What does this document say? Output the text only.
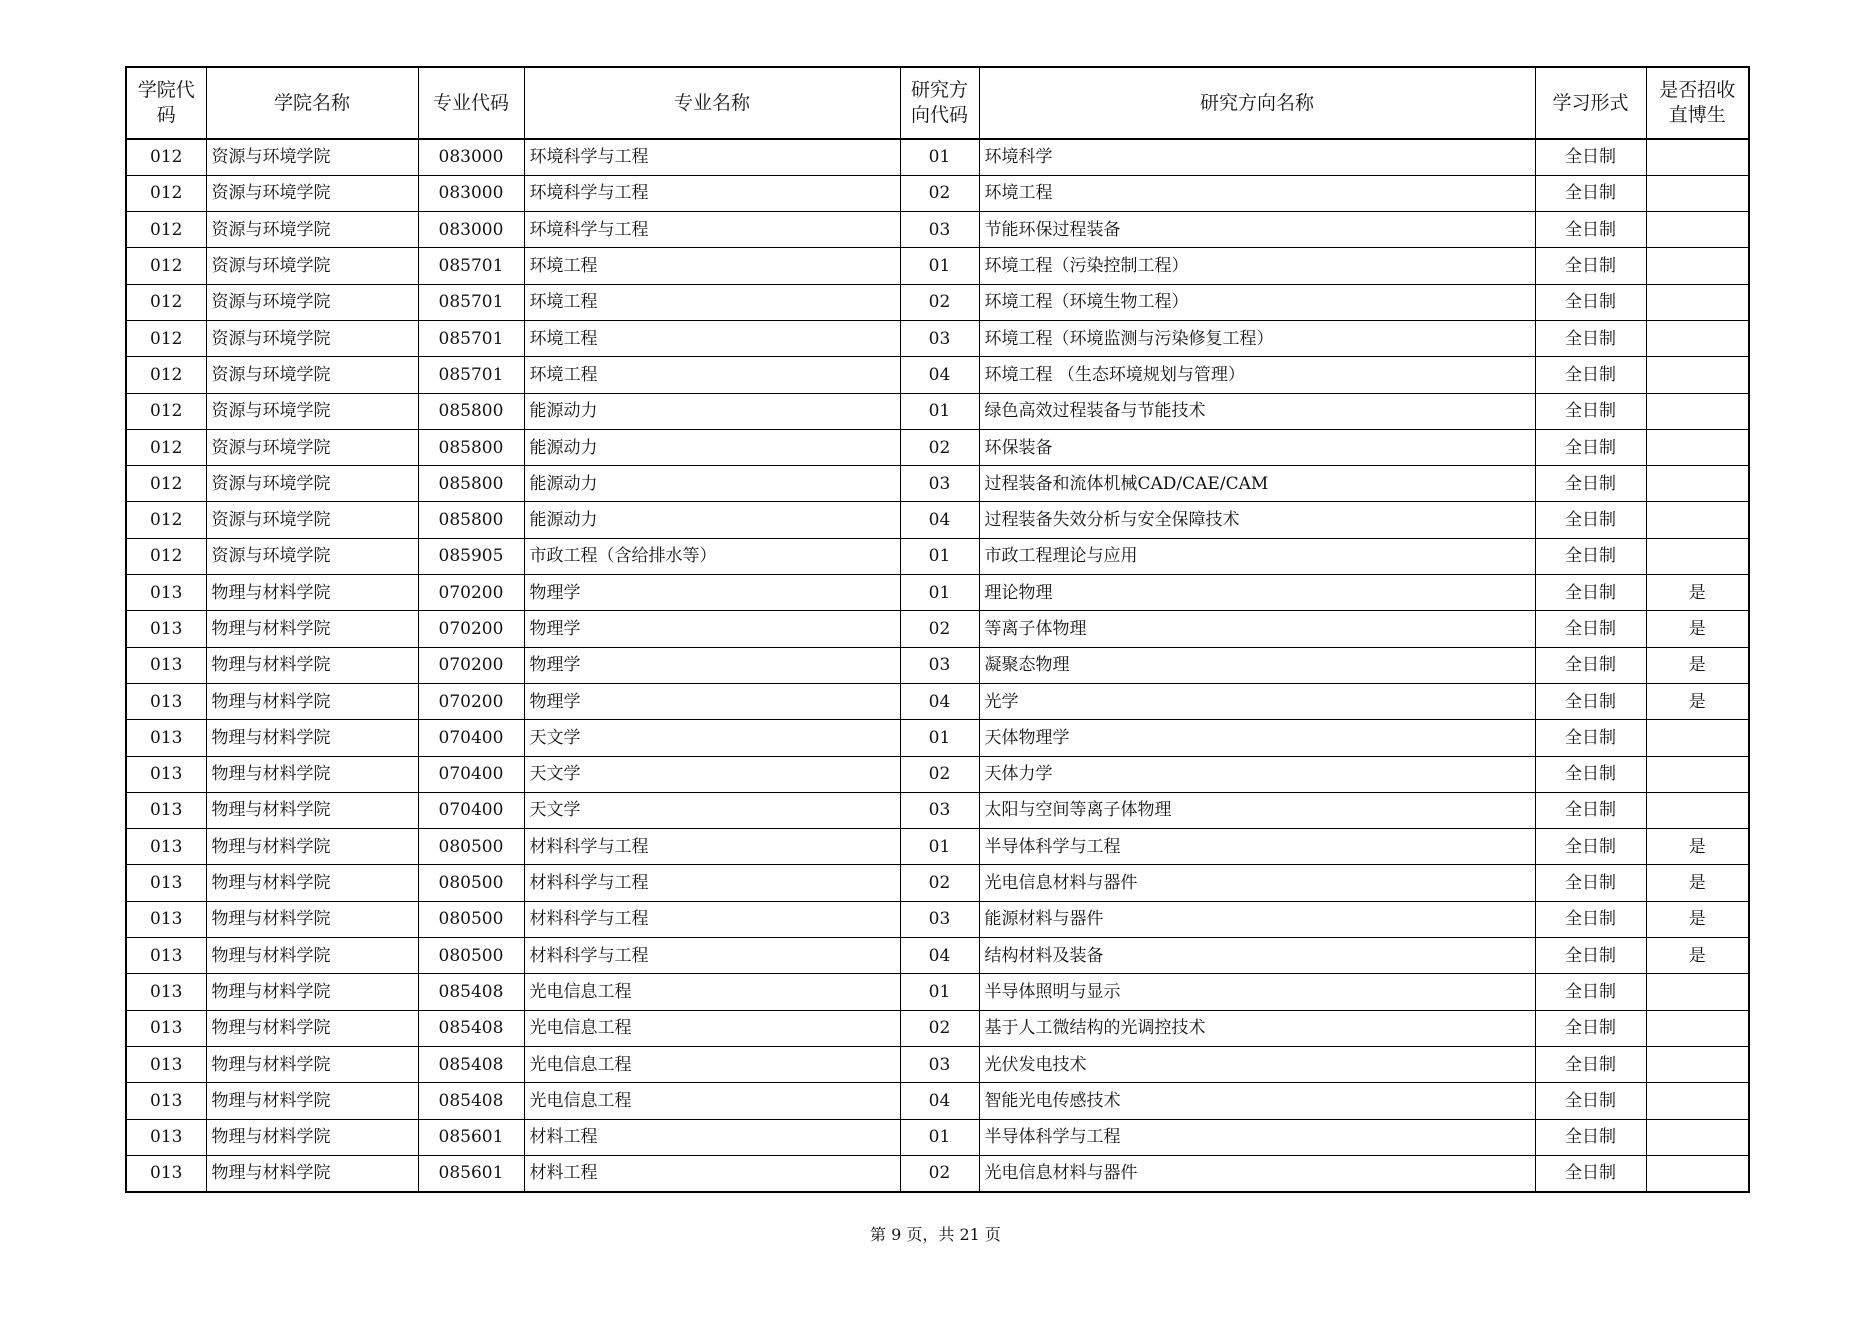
学院代码	学院名称	专业代码	专业名称	研究方向代码	研究方向名称	学习形式	是否招收直博生
012	资源与环境学院	083000	环境科学与工程	01	环境科学	全日制	
012	资源与环境学院	083000	环境科学与工程	02	环境工程	全日制	
012	资源与环境学院	083000	环境科学与工程	03	节能环保过程装备	全日制	
012	资源与环境学院	085701	环境工程	01	环境工程（污染控制工程）	全日制	
012	资源与环境学院	085701	环境工程	02	环境工程（环境生物工程）	全日制	
012	资源与环境学院	085701	环境工程	03	环境工程（环境监测与污染修复工程）	全日制	
012	资源与环境学院	085701	环境工程	04	环境工程 （生态环境规划与管理）	全日制	
012	资源与环境学院	085800	能源动力	01	绿色高效过程装备与节能技术	全日制	
012	资源与环境学院	085800	能源动力	02	环保装备	全日制	
012	资源与环境学院	085800	能源动力	03	过程装备和流体机械CAD/CAE/CAM	全日制	
012	资源与环境学院	085800	能源动力	04	过程装备失效分析与安全保障技术	全日制	
012	资源与环境学院	085905	市政工程（含给排水等）	01	市政工程理论与应用	全日制	
013	物理与材料学院	070200	物理学	01	理论物理	全日制	是
013	物理与材料学院	070200	物理学	02	等离子体物理	全日制	是
013	物理与材料学院	070200	物理学	03	凝聚态物理	全日制	是
013	物理与材料学院	070200	物理学	04	光学	全日制	是
013	物理与材料学院	070400	天文学	01	天体物理学	全日制	
013	物理与材料学院	070400	天文学	02	天体力学	全日制	
013	物理与材料学院	070400	天文学	03	太阳与空间等离子体物理	全日制	
013	物理与材料学院	080500	材料科学与工程	01	半导体科学与工程	全日制	是
013	物理与材料学院	080500	材料科学与工程	02	光电信息材料与器件	全日制	是
013	物理与材料学院	080500	材料科学与工程	03	能源材料与器件	全日制	是
013	物理与材料学院	080500	材料科学与工程	04	结构材料及装备	全日制	是
013	物理与材料学院	085408	光电信息工程	01	半导体照明与显示	全日制	
013	物理与材料学院	085408	光电信息工程	02	基于人工微结构的光调控技术	全日制	
013	物理与材料学院	085408	光电信息工程	03	光伏发电技术	全日制	
013	物理与材料学院	085408	光电信息工程	04	智能光电传感技术	全日制	
013	物理与材料学院	085601	材料工程	01	半导体科学与工程	全日制	
013	物理与材料学院	085601	材料工程	02	光电信息材料与器件	全日制	
第 9 页，共 21 页
